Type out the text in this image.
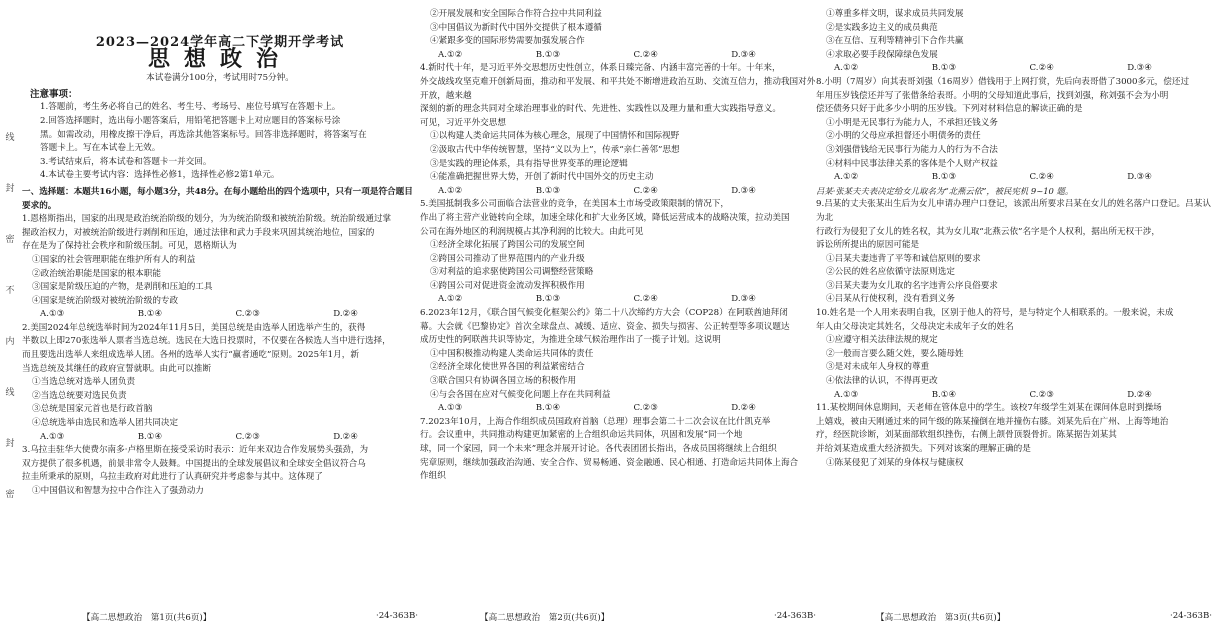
线
封
密
不
内
线
封
密
2023—2024学年高二下学期开学考试
思想政治
本试卷满分100分，考试用时75分钟。
注意事项：

1.答题前，考生务必将自己的姓名、考生号、考场号、座位号填写在答题卡上。

2.回答选择题时，选出每小题答案后，用铅笔把答题卡上对应题目的答案标号涂

黑。如需改动，用橡皮擦干净后，再选涂其他答案标号。回答非选择题时，将答案写在

答题卡上。写在本试卷上无效。

3.考试结束后，将本试卷和答题卡一并交回。

4.本试卷主要考试内容：选择性必修1，选择性必修2第1单元。

一、选择题：本题共16小题，每小题3分，共48分。在每小题给出的四个选项中，只有一项是符合题目要求的。

1.恩格斯指出，国家的出现是政治统治阶级的划分，为为统治阶级和被统治阶级。统治阶级通过掌

握政治权力，对被统治阶级进行剥削和压迫，通过法律和武力手段来巩固其统治地位，国家的

存在是为了保持社会秩序和阶级压制。可见，恩格斯认为

①国家的社会管理职能在维护所有人的利益

②政治统治职能是国家的根本职能

③国家是阶级压迫的产物，是剥削和压迫的工具

④国家是统治阶级对被统治阶级的专政

A.①③	B.①④	C.②③	D.②④

2.美国2024年总统选举时间为2024年11月5日，美国总统是由选举人团选举产生的，获得

半数以上即270张选举人票者当选总统。选民在大选日投票时，不仅要在各候选人当中进行选择，

而且要选出选举人来组成选举人团。各州的选举人实行“赢者通吃”原则。2025年1月，新

当选总统及其继任的政府宣誓就职。由此可以推断

①当选总统对选举人团负责

②当选总统要对选民负责

③总统是国家元首也是行政首脑

④总统选举由选民和选举人团共同决定

A.①③	B.①④	C.②③	D.②④

3.乌拉圭驻华大使费尔南多·卢格里斯在接受采访时表示：近年来双边合作发展势头强劲，为

双方提供了很多机遇，前景非常令人鼓舞。中国提出的全球发展倡议和全球安全倡议符合乌

拉圭所秉承的原则，乌拉圭政府对此进行了认真研究并考虑参与其中。这体现了

①中国倡议和智慧为拉中合作注入了强劲动力

【高二思想政治　第1页(共6页)】	·24-363B·

②开展发展和安全国际合作符合拉中共同利益

③中国倡议为新时代中国外交提供了根本遵循

④紧跟多变的国际形势需要加强发展合作

A.①②	B.①③	C.②④	D.③④

4.新时代十年，是习近平外交思想历史性创立，体系日臻完备、内涵丰富完善的十年。十年来，

外交战线攻坚克难开创新局面，推动和平发展、和平共处不断增进政治互助、交流互信力，推动我国对外开放，越来越

深刻的新的理念共同对全球治理事业的时代、先进性、实践性以及理力量和重大实践指导意义。

可见，习近平外交思想

①以构建人类命运共同体为核心理念，展现了中国情怀和国际视野

②汲取古代中华传统智慧，坚持“义以为上”，传承“亲仁善邻”思想

③是实践的理论体系，具有指导世界变革的理论逻辑

④能准确把握世界大势，开创了新时代中国外交的历史主动

A.①②	B.①③	C.②④	D.③④

5.美国抵制我多公司面临合法营业的竞争，在美国本土市场受政策限制的情况下，

作出了将主营产业链转向全球，加速全球化和扩大业务区域，降低运营成本的战略决策，拉动美国

公司在海外地区的利润规模占其净利润的比较大。由此可见

①经济全球化拓展了跨国公司的发展空间

②跨国公司推动了世界范围内的产业升级

③对利益的追求驱使跨国公司调整经营策略

④跨国公司对促进资金流动发挥积极作用

A.①②	B.①③	C.②④	D.③④

6.2023年12月，《联合国气候变化框架公约》第二十八次缔约方大会（COP28）在阿联酋迪拜闭

幕。大会就《巴黎协定》首次全球盘点、减缓、适应、资金、损失与损害、公正转型等多项议题达

成历史性的阿联酋共识等协定，为推进全球气候治理作出了一揽子计划。这说明

①中国积极推动构建人类命运共同体的责任

②经济全球化使世界各国的利益紧密结合

③联合国只有协调各国立场的积极作用

④与会各国在应对气候变化问题上存在共同利益

A.①③	B.①④	C.②③	D.②④

7.2023年10月，上海合作组织成员国政府首脑（总理）理事会第二十二次会议在比什凯克举

行。会议重申，共同推动构建更加紧密的上合组织命运共同体，巩固和发展“同一个地

球，同一个家园，同一个未来”理念并展开讨论。各代表团团长指出，各成员国将继续上合组织

宪章原则，继续加强政治沟通、安全合作、贸易畅通、资金融通、民心相通、打造命运共同体上海合

作组织

【高二思想政治　第2页(共6页)】	·24-363B·

①尊重多样文明，谋求成员共同发展

②是实践多边主义的成员典范

③在互信、互利等精神引下合作共赢

④求取必要手段保障绿色发展

A.①②	B.①③	C.②④	D.③④

8.小明（7周岁）向其表哥刘强（16周岁）借钱用于上网打赏，先后向表哥借了3000多元，偿还过

年用压岁钱偿还并写了张借条给表哥。小明的父母知道此事后，找到刘强，称刘强不会为小明

偿还债务只好于此多少小明的压岁钱。下列对材料信息的解读正确的是

①小明是无民事行为能力人，不承担还钱义务

②小明的父母应承担督还小明债务的责任

③刘强借钱给无民事行为能力人的行为不合法

④材料中民事法律关系的客体是个人财产权益

A.①②	B.①③	C.②④	D.③④

吕某·张某夫夫表决定给女儿取名为“北燕云依”，被民宪机 9~10 题。

9.吕某的丈夫张某出生后为女儿申请办理户口登记，该派出所要求吕某在女儿的姓名落户口登记。吕某认为北

行政行为侵犯了女儿的姓名权，其为女儿取“北燕云依”名字是个人权利，据出所无权干涉，

诉讼所所提出的原因可能是

①吕某夫妻违背了平等和诚信原则的要求

②公民的姓名应依循守法原则选定

③吕某夫妻为女儿取的名字违背公序良俗要求

④吕某从行使权利，没有看到义务

10.姓名是一个人用来表明自我，区别于他人的符号，是与特定个人相联系的。一般来说，未成

年人由父母决定其姓名，父母决定未成年子女的姓名

①应遵守相关法律法规的规定

②一般而言要么随父姓，要么随母姓

③是对未成年人身权的尊重

④依法律的认识，不得再更改

A.①③	B.①④	C.②③	D.②④

11.某校期间休息期间，天老师在管体息中的学生。该校7年级学生刘某在课间体息时到操场

上嬉戏，被由天刚通过来的同午级的陈某撞倒在地并撞伤右膝。刘某先后在广州、上海等地治

疗，经医院诊断，刘某面部软组织挫伤，右侧上颌骨顶裂骨折。陈某据告刘某其

并给刘某造成重大经济损失。下列对该案的理解正确的是

①陈某侵犯了刘某的身体权与健康权

【高二思想政治　第3页(共6页)】	·24-363B·
